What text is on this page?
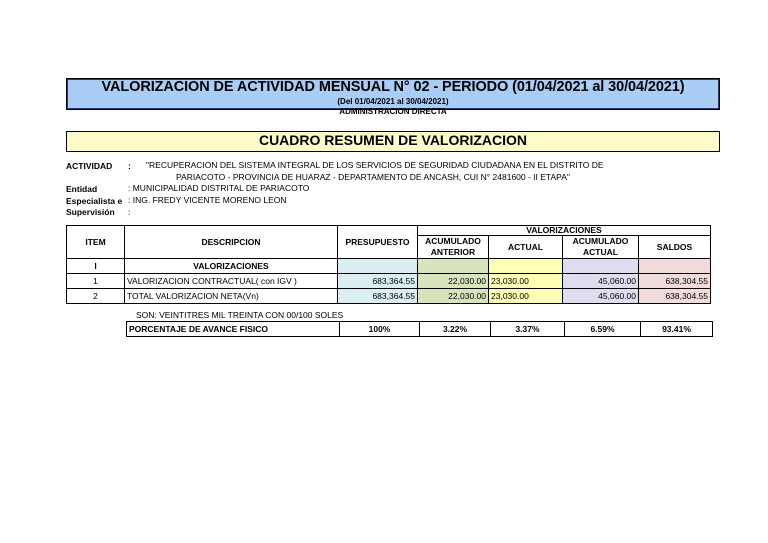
VALORIZACION DE ACTIVIDAD MENSUAL N° 02 - PERIODO (01/04/2021 al 30/04/2021)
(Del 01/04/2021 al 30/04/2021)
ADMINISTRACION DIRECTA
CUADRO RESUMEN DE VALORIZACION
ACTIVIDAD : "RECUPERACION DEL SISTEMA INTEGRAL DE LOS SERVICIOS DE SEGURIDAD CIUDADANA EN EL DISTRITO DE
PARIACOTO - PROVINCIA DE HUARAZ - DEPARTAMENTO DE ANCASH, CUI N° 2481600 - II ETAPA"
Entidad	: MUNICIPALIDAD DISTRITAL DE PARIACOTO
Especialista e : ING. FREDY VICENTE MORENO LEON
Supervisión :
ITEM	DESCRIPCION	PRESUPUESTO	VALORIZACIONES			
			ACUMULADO ANTERIOR	ACTUAL	ACUMULADO ACTUAL	SALDOS
I	VALORIZACIONES					
1	VALORIZACION CONTRACTUAL( con IGV )	683,364.55	22,030.00	23,030.00	45,060.00	638,304.55
2	TOTAL VALORIZACION NETA(Vn)	683,364.55	22,030.00	23,030.00	45,060.00	638,304.55
SON: VEINTITRES MIL TREINTA CON 00/100 SOLES
PORCENTAJE DE AVANCE FISICO	100%	3.22%	3.37%	6.59%	93.41%
